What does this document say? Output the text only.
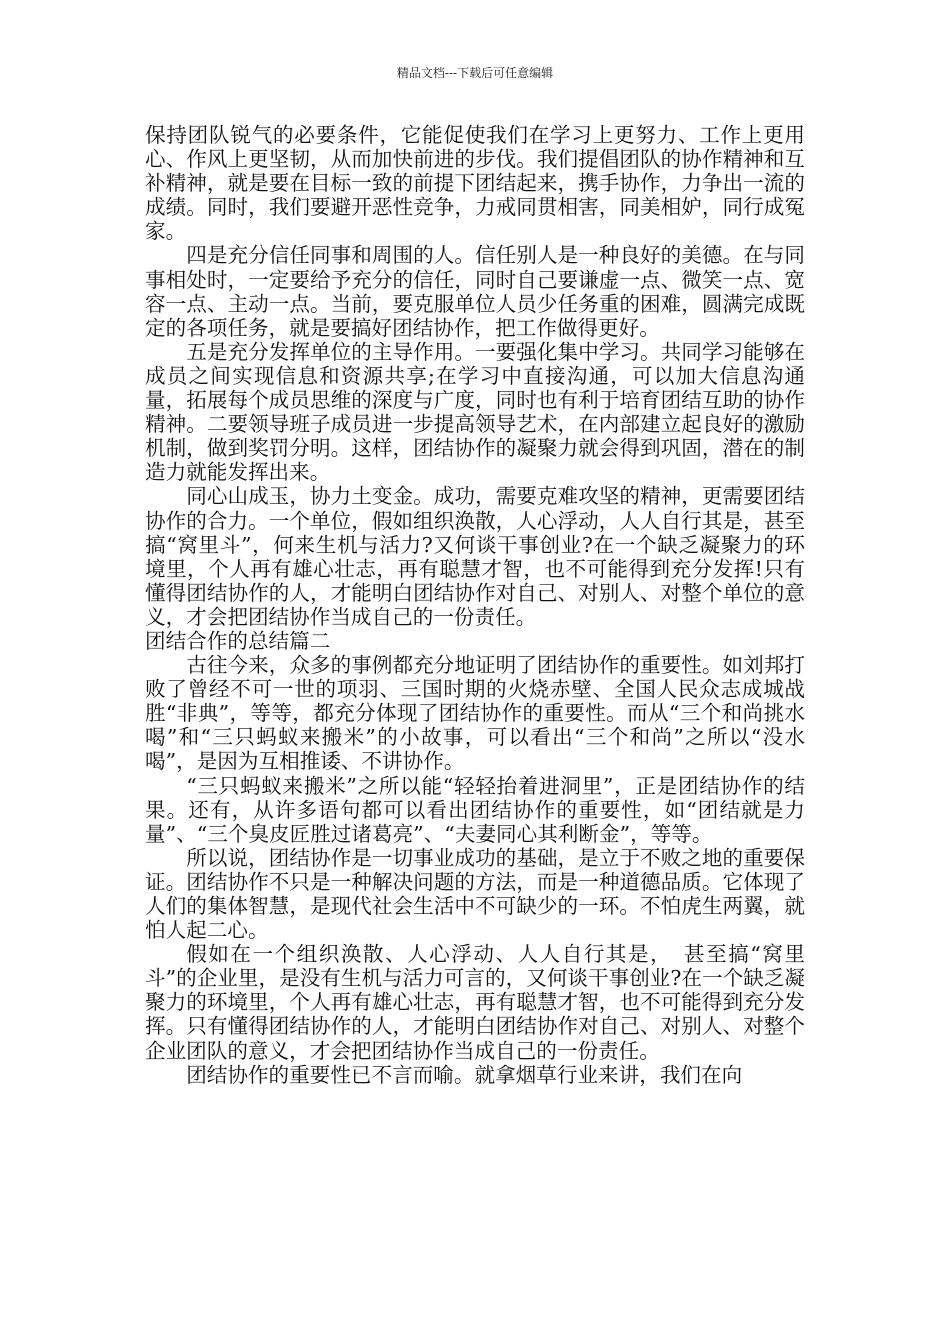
精品文档---下载后可任意编辑

保持团队锐气的必要条件，它能促使我们在学习上更努力、工作上更用心、作风上更坚韧，从而加快前进的步伐。我们提倡团队的协作精神和互补精神，就是要在目标一致的前提下团结起来，携手协作，力争出一流的成绩。同时，我们要避开恶性竞争，力戒同贯相害，同美相妒，同行成冤家。

四是充分信任同事和周围的人。信任别人是一种良好的美德。在与同事相处时，一定要给予充分的信任，同时自己要谦虚一点、微笑一点、宽容一点、主动一点。当前，要克服单位人员少任务重的困难，圆满完成既定的各项任务，就是要搞好团结协作，把工作做得更好。

五是充分发挥单位的主导作用。一要强化集中学习。共同学习能够在成员之间实现信息和资源共享;在学习中直接沟通，可以加大信息沟通量，拓展每个成员思维的深度与广度，同时也有利于培育团结互助的协作精神。二要领导班子成员进一步提高领导艺术，在内部建立起良好的激励机制，做到奖罚分明。这样，团结协作的凝聚力就会得到巩固，潜在的制造力就能发挥出来。

同心山成玉，协力土变金。成功，需要克难攻坚的精神，更需要团结协作的合力。一个单位，假如组织涣散，人心浮动，人人自行其是，甚至搞“窝里斗”，何来生机与活力?又何谈干事创业?在一个缺乏凝聚力的环境里，个人再有雄心壮志，再有聪慧才智，也不可能得到充分发挥!只有懂得团结协作的人，才能明白团结协作对自己、对别人、对整个单位的意义，才会把团结协作当成自己的一份责任。

团结合作的总结篇二

古往今来，众多的事例都充分地证明了团结协作的重要性。如刘邦打败了曾经不可一世的项羽、三国时期的火烧赤壁、全国人民众志成城战胜“非典”，等等，都充分体现了团结协作的重要性。而从“三个和尚挑水喝”和“三只蚂蚁来搬米”的小故事，可以看出“三个和尚”之所以“没水喝”，是因为互相推诿、不讲协作。

“三只蚂蚁来搬米”之所以能“轻轻抬着进洞里”，正是团结协作的结果。还有，从许多语句都可以看出团结协作的重要性，如“团结就是力量”、“三个臭皮匠胜过诸葛亮”、“夫妻同心其利断金”，等等。

所以说，团结协作是一切事业成功的基础，是立于不败之地的重要保证。团结协作不只是一种解决问题的方法，而是一种道德品质。它体现了人们的集体智慧，是现代社会生活中不可缺少的一环。不怕虎生两翼，就怕人起二心。

假如在一个组织涣散、人心浮动、人人自行其是，　甚至搞“窝里斗”的企业里，是没有生机与活力可言的，又何谈干事创业?在一个缺乏凝聚力的环境里，个人再有雄心壮志，再有聪慧才智，也不可能得到充分发挥。只有懂得团结协作的人，才能明白团结协作对自己、对别人、对整个企业团队的意义，才会把团结协作当成自己的一份责任。

团结协作的重要性已不言而喻。就拿烟草行业来讲，我们在向
